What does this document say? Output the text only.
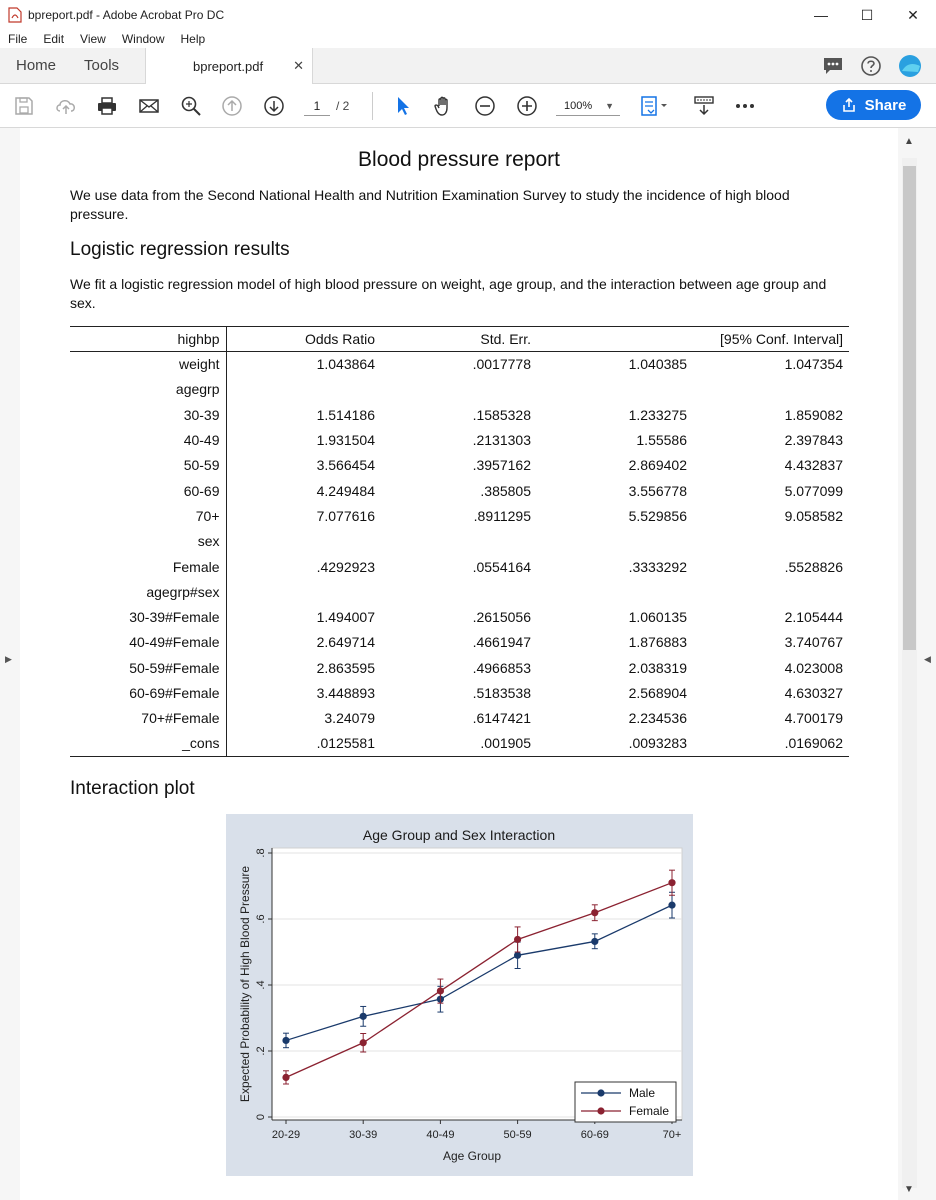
bpreport.pdf - Adobe Acrobat Pro DC	—	☐	✕
File	Edit	View	Window	Help
Home Tools	bpreport.pdf ✕
1	/ 2	100% ▼	Share
▶
Blood pressure report
We use data from the Second National Health and Nutrition Examination Survey to study the incidence of high blood pressure.
Logistic regression results
We fit a logistic regression model of high blood pressure on weight, age group, and the interaction between age group and sex.
highbp	Odds Ratio	Std. Err.		[95% Conf. Interval]
weight	1.043864	.0017778	1.040385	1.047354
agegrp				
30-39	1.514186	.1585328	1.233275	1.859082
40-49	1.931504	.2131303	1.55586	2.397843
50-59	3.566454	.3957162	2.869402	4.432837
60-69	4.249484	.385805	3.556778	5.077099
70+	7.077616	.8911295	5.529856	9.058582
sex				
Female	.4292923	.0554164	.3333292	.5528826
agegrp#sex				
30-39#Female	1.494007	.2615056	1.060135	2.105444
40-49#Female	2.649714	.4661947	1.876883	3.740767
50-59#Female	2.863595	.4966853	2.038319	4.023008
60-69#Female	3.448893	.5183538	2.568904	4.630327
70+#Female	3.24079	.6147421	2.234536	4.700179
_cons	.0125581	.001905	.0093283	.0169062
Interaction plot
0
.2
.4
.6
.8
20-29	30-39	40-49	50-59	60-69	70+
Age Group and Sex Interaction
Age Group
Expected Probability of High Blood Pressure	Male
Female
▲
▼
◀
